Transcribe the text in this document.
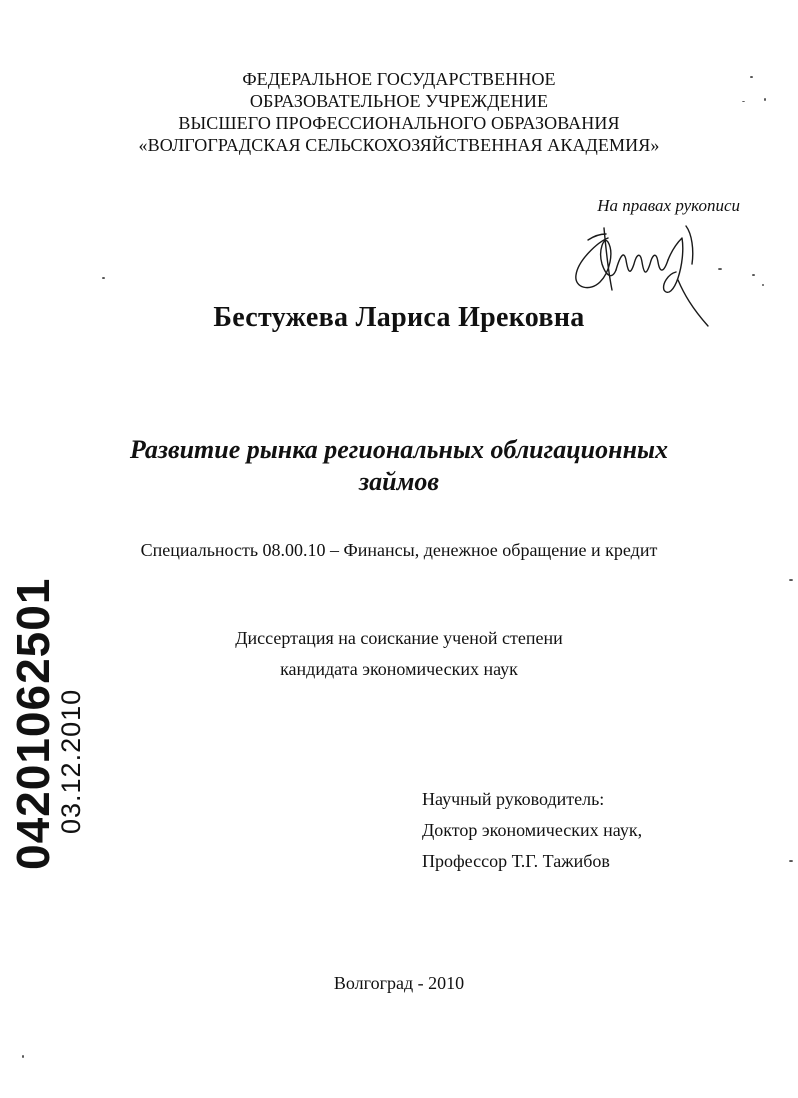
ФЕДЕРАЛЬНОЕ ГОСУДАРСТВЕННОЕ
ОБРАЗОВАТЕЛЬНОЕ УЧРЕЖДЕНИЕ
ВЫСШЕГО ПРОФЕССИОНАЛЬНОГО ОБРАЗОВАНИЯ
«ВОЛГОГРАДСКАЯ СЕЛЬСКОХОЗЯЙСТВЕННАЯ АКАДЕМИЯ»
На правах рукописи
Бестужева Лариса Ирековна
Развитие рынка региональных облигационных
займов
Специальность 08.00.10 – Финансы, денежное обращение и кредит
Диссертация на соискание ученой степени
кандидата экономических наук
Научный руководитель:
Доктор экономических наук,
Профессор Т.Г. Тажибов
Волгоград - 2010
04201062501
03.12.2010
